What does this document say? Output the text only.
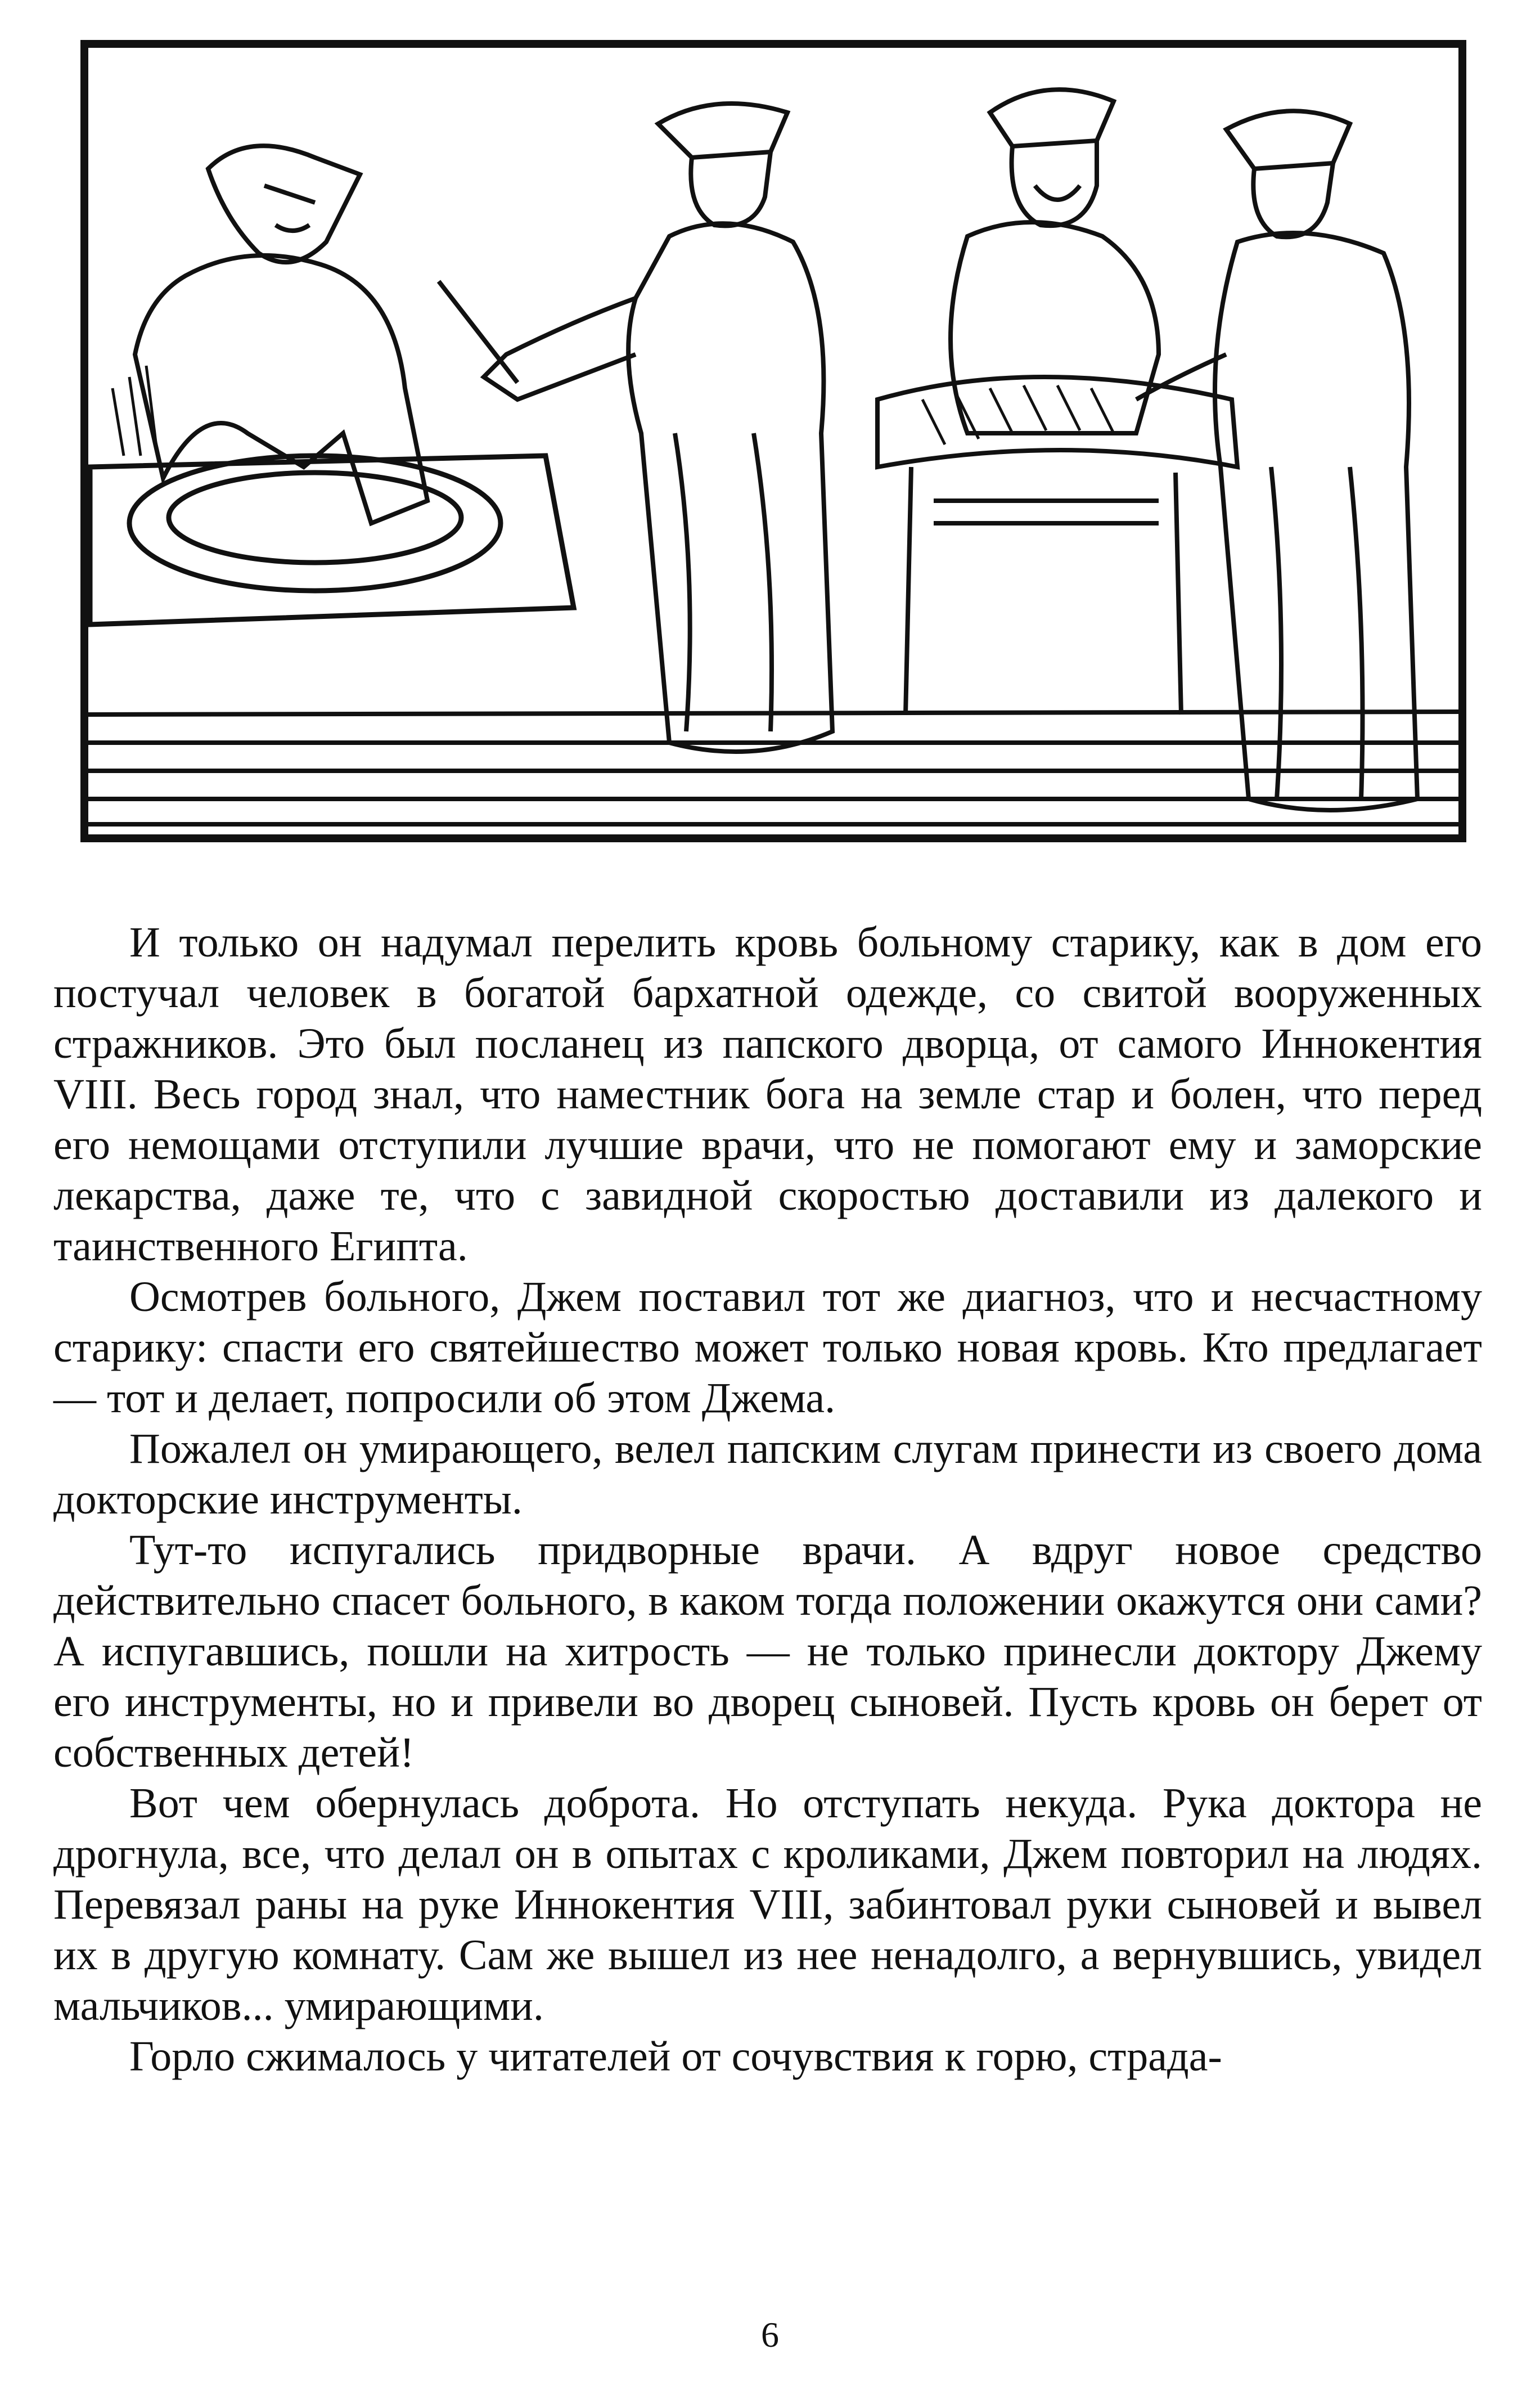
И только он надумал перелить кровь больному старику, как в дом его постучал человек в богатой бархатной одежде, со свитой вооруженных стражников. Это был посланец из папского дворца, от самого Иннокентия VIII. Весь город знал, что наместник бога на земле стар и болен, что перед его немощами отступили лучшие врачи, что не помогают ему и заморские лекарства, даже те, что с завидной скоростью доставили из далекого и таинственного Египта.

Осмотрев больного, Джем поставил тот же диагноз, что и несчастному старику: спасти его святейшество может только новая кровь. Кто предлагает — тот и делает, попросили об этом Джема.

Пожалел он умирающего, велел папским слугам принести из своего дома докторские инструменты.

Тут-то испугались придворные врачи. А вдруг новое средство действительно спасет больного, в каком тогда положении окажутся они сами? А испугавшись, пошли на хитрость — не только принесли доктору Джему его инструменты, но и привели во дворец сыновей. Пусть кровь он берет от собственных детей!

Вот чем обернулась доброта. Но отступать некуда. Рука доктора не дрогнула, все, что делал он в опытах с кроликами, Джем повторил на людях. Перевязал раны на руке Иннокентия VIII, забинтовал руки сыновей и вывел их в другую комнату. Сам же вышел из нее ненадолго, а вернувшись, увидел мальчиков... умирающими.

Горло сжималось у читателей от сочувствия к горю, страда-

6
